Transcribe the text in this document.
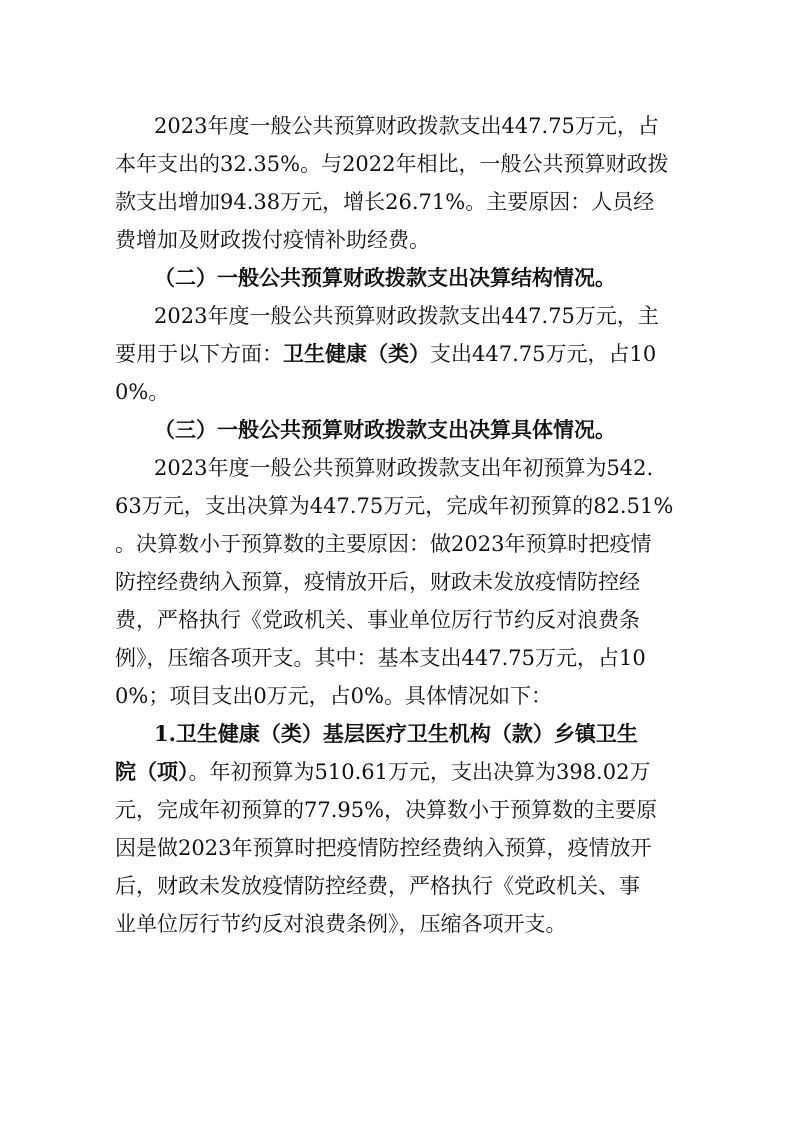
2023年度一般公共预算财政拨款支出447.75万元，占
本年支出的32.35%。与2022年相比，一般公共预算财政拨
款支出增加94.38万元，增长26.71%。主要原因：人员经
费增加及财政拨付疫情补助经费。
（二）一般公共预算财政拨款支出决算结构情况。
2023年度一般公共预算财政拨款支出447.75万元，主
要用于以下方面：卫生健康（类）支出447.75万元，占10
0%。
（三）一般公共预算财政拨款支出决算具体情况。
2023年度一般公共预算财政拨款支出年初预算为542.
63万元，支出决算为447.75万元，完成年初预算的82.51%
。决算数小于预算数的主要原因：做2023年预算时把疫情
防控经费纳入预算，疫情放开后，财政未发放疫情防控经
费，严格执行《党政机关、事业单位厉行节约反对浪费条
例》，压缩各项开支。其中：基本支出447.75万元，占10
0%；项目支出0万元，占0%。具体情况如下：
1.卫生健康（类）基层医疗卫生机构（款）乡镇卫生
院（项）。年初预算为510.61万元，支出决算为398.02万
元，完成年初预算的77.95%，决算数小于预算数的主要原
因是做2023年预算时把疫情防控经费纳入预算，疫情放开
后，财政未发放疫情防控经费，严格执行《党政机关、事
业单位厉行节约反对浪费条例》，压缩各项开支。
